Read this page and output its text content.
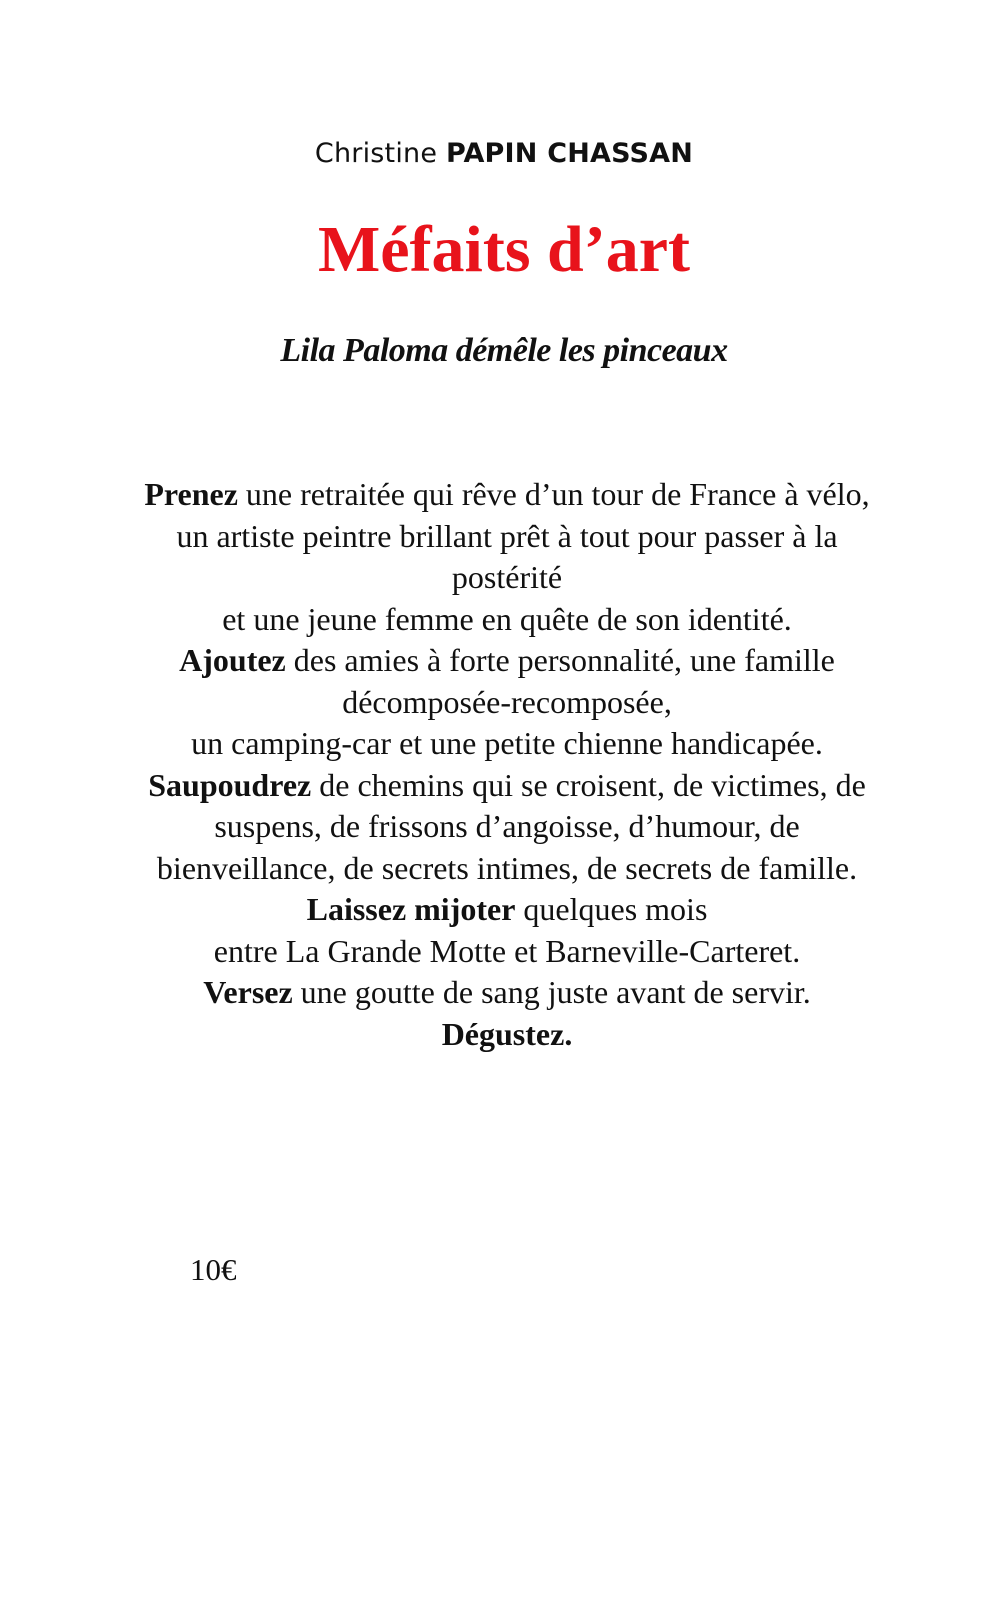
Christine PAPIN CHASSAN
Méfaits d’art
Lila Paloma démêle les pinceaux
Prenez une retraitée qui rêve d’un tour de France à vélo,
un artiste peintre brillant prêt à tout pour passer à la postérité
et une jeune femme en quête de son identité.
Ajoutez des amies à forte personnalité, une famille décomposée-recomposée,
un camping-car et une petite chienne handicapée.
Saupoudrez de chemins qui se croisent, de victimes, de suspens, de frissons d’angoisse, d’humour, de bienveillance, de secrets intimes, de secrets de famille.
Laissez mijoter quelques mois
entre La Grande Motte et Barneville-Carteret.
Versez une goutte de sang juste avant de servir.
Dégustez.
10€
